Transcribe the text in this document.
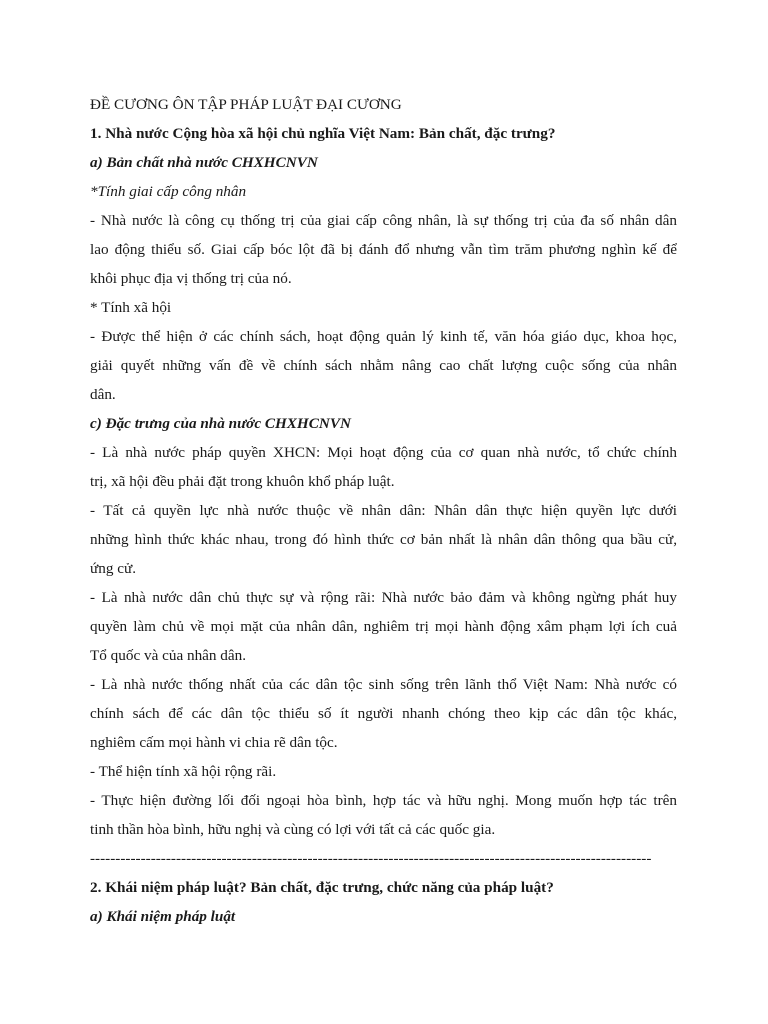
ĐỀ CƯƠNG ÔN TẬP PHÁP LUẬT ĐẠI CƯƠNG
1. Nhà nước Cộng hòa xã hội chủ nghĩa Việt Nam: Bản chất, đặc trưng?
a) Bản chất nhà nước CHXHCNVN
*Tính giai cấp công nhân
- Nhà nước là công cụ thống trị của giai cấp công nhân, là sự thống trị của đa số nhân dân
lao động thiểu số. Giai cấp bóc lột đã bị đánh đổ nhưng vẫn tìm trăm phương nghìn kế để
khôi phục địa vị thống trị của nó.
* Tính xã hội
- Được thể hiện ở các chính sách, hoạt động quản lý kinh tế, văn hóa giáo dục, khoa học,
giải quyết những vấn đề về chính sách nhằm nâng cao chất lượng cuộc sống của nhân
dân.
c) Đặc trưng của nhà nước CHXHCNVN
- Là nhà nước pháp quyền XHCN: Mọi hoạt động của cơ quan nhà nước, tổ chức chính
trị, xã hội đều phải đặt trong khuôn khổ pháp luật.
- Tất cả quyền lực nhà nước thuộc về nhân dân: Nhân dân thực hiện quyền lực dưới
những hình thức khác nhau, trong đó hình thức cơ bản nhất là nhân dân thông qua bầu cử,
ứng cử.
- Là nhà nước dân chủ thực sự và rộng rãi: Nhà nước bảo đảm và không ngừng phát huy
quyền làm chủ về mọi mặt của nhân dân, nghiêm trị mọi hành động xâm phạm lợi ích cuả
Tổ quốc và của nhân dân.
- Là nhà nước thống nhất của các dân tộc sinh sống trên lãnh thổ Việt Nam: Nhà nước có
chính sách để các dân tộc thiểu số ít người nhanh chóng theo kịp các dân tộc khác,
nghiêm cấm mọi hành vi chia rẽ dân tộc.
- Thể hiện tính xã hội rộng rãi.
- Thực hiện đường lối đối ngoại hòa bình, hợp tác và hữu nghị. Mong muốn hợp tác trên
tinh thần hòa bình, hữu nghị và cùng có lợi với tất cả các quốc gia.
---------------------------------------------------------------------------------------------------------------
2. Khái niệm pháp luật? Bản chất, đặc trưng, chức năng của pháp luật?
a) Khái niệm pháp luật
